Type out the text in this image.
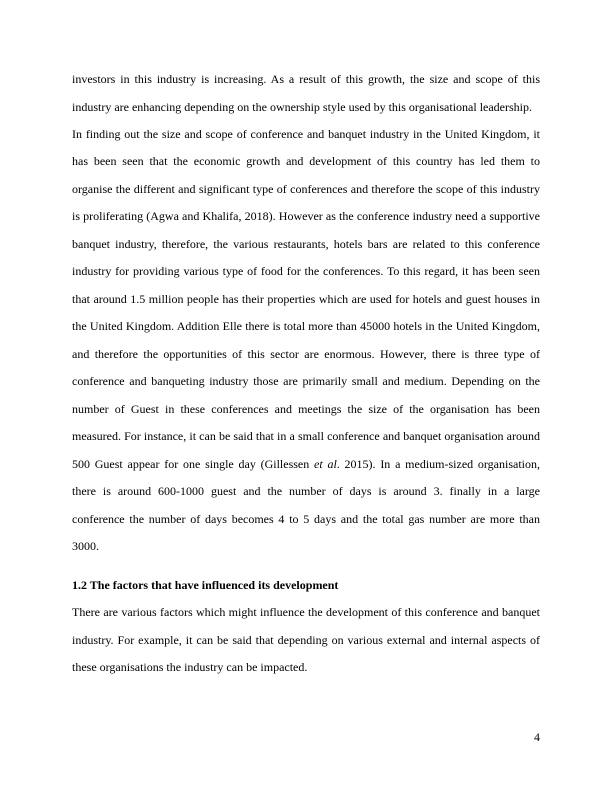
investors in this industry is increasing. As a result of this growth, the size and scope of this
industry are enhancing depending on the ownership style used by this organisational leadership.
In finding out the size and scope of conference and banquet industry in the United Kingdom, it
has been seen that the economic growth and development of this country has led them to
organise the different and significant type of conferences and therefore the scope of this industry
is proliferating (Agwa and Khalifa, 2018). However as the conference industry need a supportive
banquet industry, therefore, the various restaurants, hotels bars are related to this conference
industry for providing various type of food for the conferences. To this regard, it has been seen
that around 1.5 million people has their properties which are used for hotels and guest houses in
the United Kingdom. Addition Elle there is total more than 45000 hotels in the United Kingdom,
and therefore the opportunities of this sector are enormous. However, there is three type of
conference and banqueting industry those are primarily small and medium. Depending on the
number of Guest in these conferences and meetings the size of the organisation has been
measured. For instance, it can be said that in a small conference and banquet organisation around
500 Guest appear for one single day (Gillessen et al. 2015). In a medium-sized organisation,
there is around 600-1000 guest and the number of days is around 3. finally in a large
conference the number of days becomes 4 to 5 days and the total gas number are more than
3000.
1.2 The factors that have influenced its development
There are various factors which might influence the development of this conference and banquet
industry. For example, it can be said that depending on various external and internal aspects of
these organisations the industry can be impacted.
4
